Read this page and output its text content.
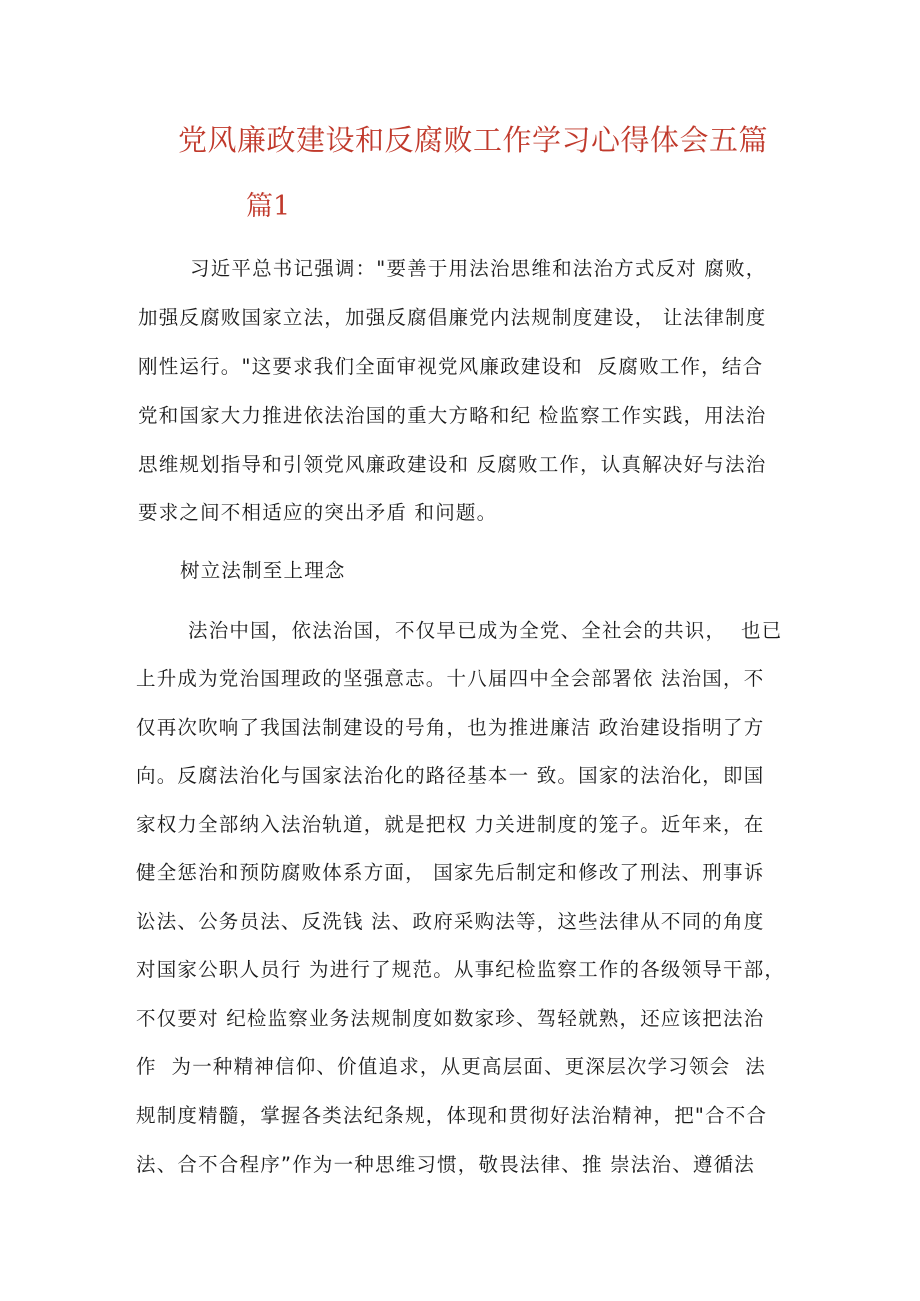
党风廉政建设和反腐败工作学习心得体会五篇
篇1
习近平总书记强调："要善于用法治思维和法治方式反对 腐败，
加强反腐败国家立法，加强反腐倡廉党内法规制度建设， 让法律制度
刚性运行。"这要求我们全面审视党风廉政建设和  反腐败工作，结合
党和国家大力推进依法治国的重大方略和纪 检监察工作实践，用法治
思维规划指导和引领党风廉政建设和 反腐败工作，认真解决好与法治
要求之间不相适应的突出矛盾 和问题。
树立法制至上理念
法治中国，依法治国，不仅早已成为全党、全社会的共识，  也已
上升成为党治国理政的坚强意志。十八届四中全会部署依 法治国，不
仅再次吹响了我国法制建设的号角，也为推进廉洁 政治建设指明了方
向。反腐法治化与国家法治化的路径基本一 致。国家的法治化，即国
家权力全部纳入法治轨道，就是把权 力关进制度的笼子。近年来，在
健全惩治和预防腐败体系方面， 国家先后制定和修改了刑法、刑事诉
讼法、公务员法、反洗钱 法、政府采购法等，这些法律从不同的角度
对国家公职人员行 为进行了规范。从事纪检监察工作的各级领导干部，
不仅要对 纪检监察业务法规制度如数家珍、驾轻就熟，还应该把法治
作  为一种精神信仰、价值追求，从更高层面、更深层次学习领会  法
规制度精髓，掌握各类法纪条规，体现和贯彻好法治精神，把"合不合
法、合不合程序”作为一种思维习惯，敬畏法律、推 崇法治、遵循法
